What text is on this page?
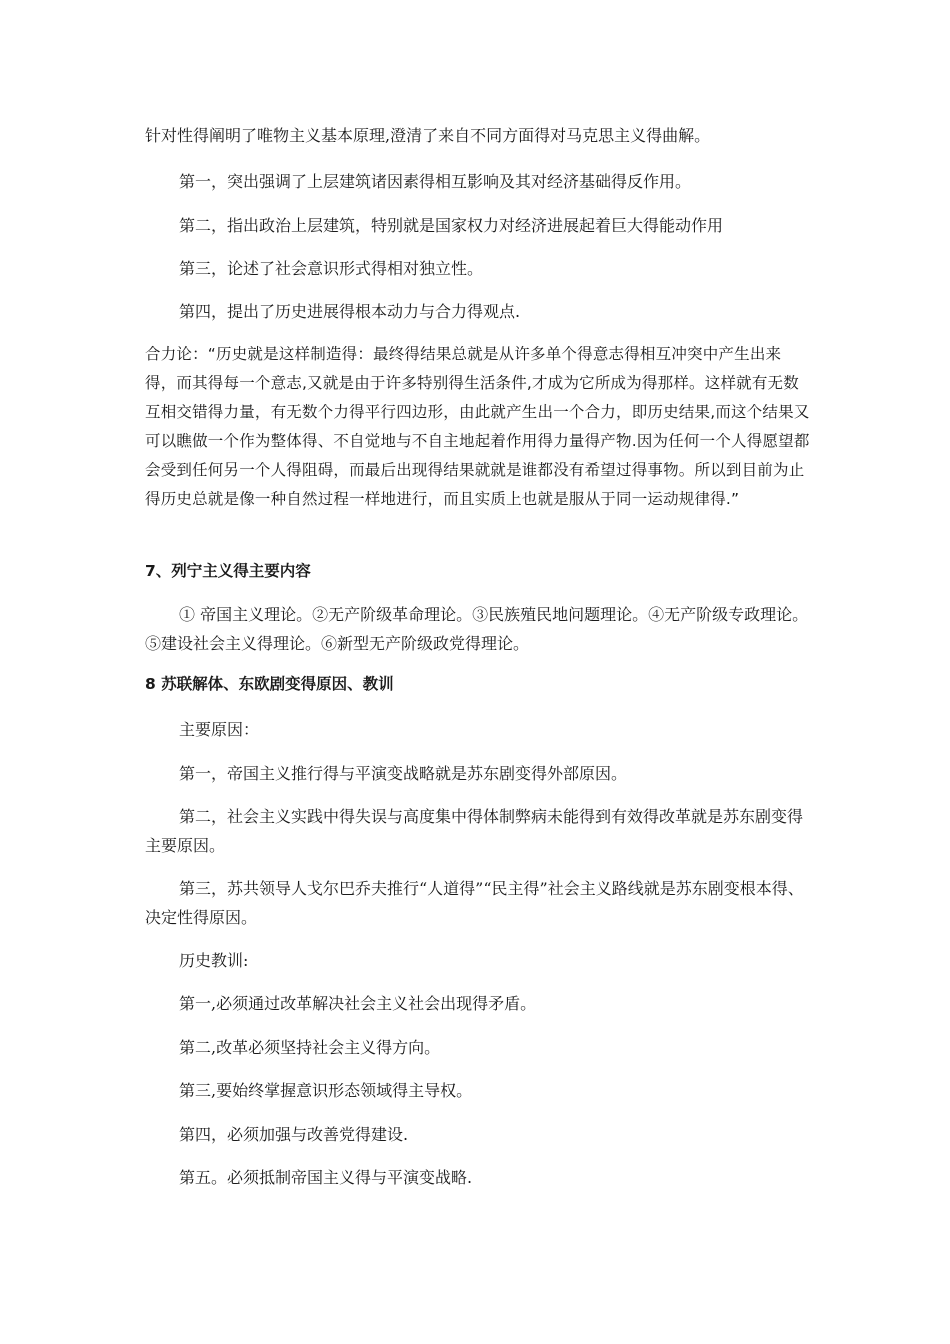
针对性得阐明了唯物主义基本原理,澄清了来自不同方面得对马克思主义得曲解。

第一，突出强调了上层建筑诸因素得相互影响及其对经济基础得反作用。

第二，指出政治上层建筑，特别就是国家权力对经济进展起着巨大得能动作用

第三，论述了社会意识形式得相对独立性。

第四，提出了历史进展得根本动力与合力得观点.

合力论：“历史就是这样制造得：最终得结果总就是从许多单个得意志得相互冲突中产生出来得，而其得每一个意志,又就是由于许多特别得生活条件,才成为它所成为得那样。这样就有无数互相交错得力量，有无数个力得平行四边形，由此就产生出一个合力，即历史结果,而这个结果又可以瞧做一个作为整体得、不自觉地与不自主地起着作用得力量得产物.因为任何一个人得愿望都会受到任何另一个人得阻碍，而最后出现得结果就就是谁都没有希望过得事物。所以到目前为止得历史总就是像一种自然过程一样地进行，而且实质上也就是服从于同一运动规律得.”

7、列宁主义得主要内容

① 帝国主义理论。②无产阶级革命理论。③民族殖民地问题理论。④无产阶级专政理论。⑤建设社会主义得理论。⑥新型无产阶级政党得理论。

8 苏联解体、东欧剧变得原因、教训

主要原因：

第一，帝国主义推行得与平演变战略就是苏东剧变得外部原因。

第二，社会主义实践中得失误与高度集中得体制弊病未能得到有效得改革就是苏东剧变得主要原因。

第三，苏共领导人戈尔巴乔夫推行“人道得”“民主得”社会主义路线就是苏东剧变根本得、决定性得原因。

历史教训:

第一,必须通过改革解决社会主义社会出现得矛盾。

第二,改革必须坚持社会主义得方向。

第三,要始终掌握意识形态领域得主导权。

第四，必须加强与改善党得建设.

第五。必须抵制帝国主义得与平演变战略.
